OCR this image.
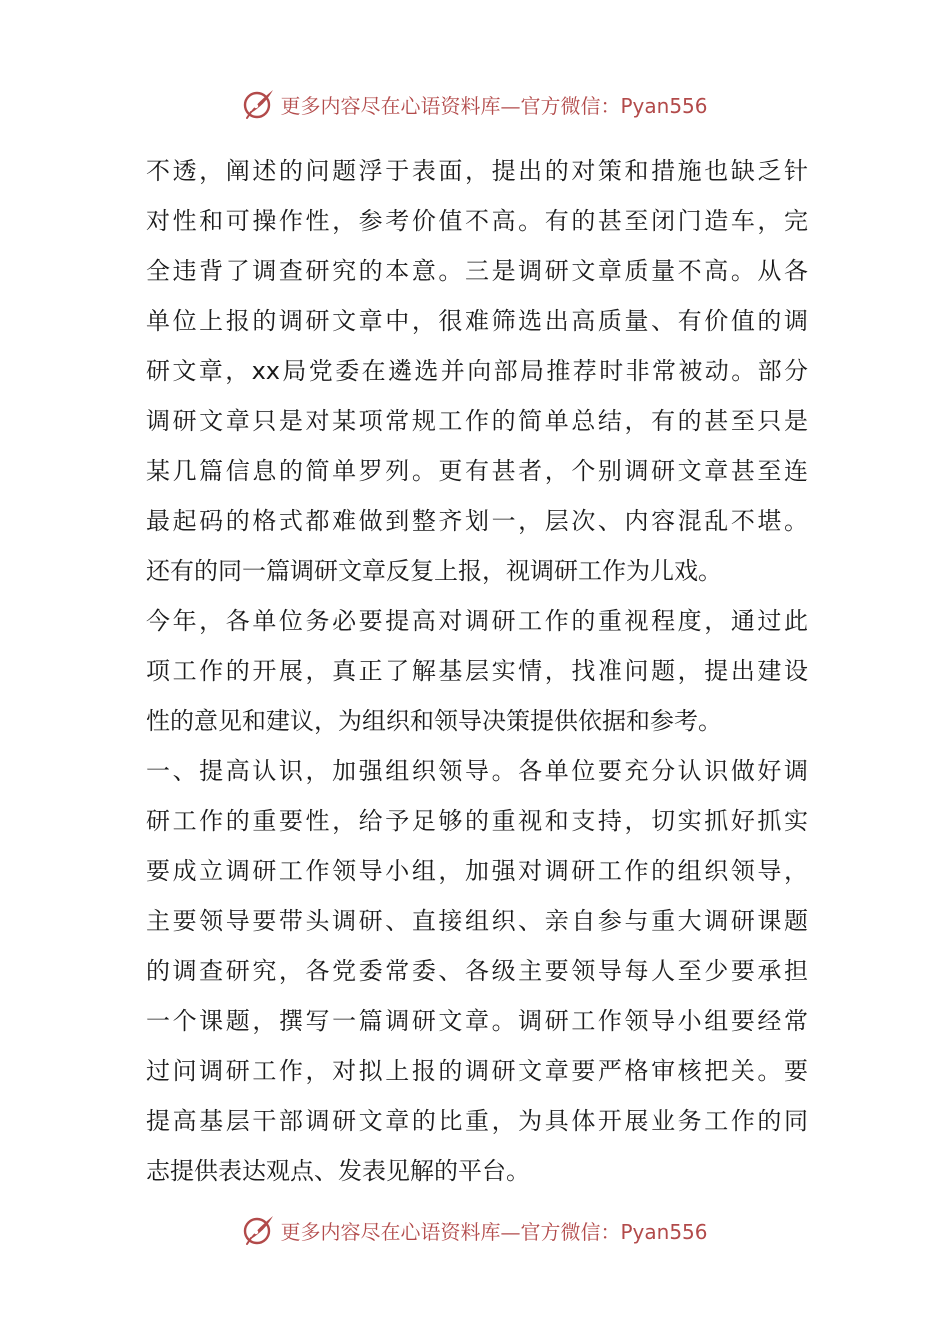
更多内容尽在心语资料库—官方微信：Pyan556
不透，阐述的问题浮于表面，提出的对策和措施也缺乏针
对性和可操作性，参考价值不高。有的甚至闭门造车，完
全违背了调查研究的本意。三是调研文章质量不高。从各
单位上报的调研文章中，很难筛选出高质量、有价值的调
研文章，xx局党委在遴选并向部局推荐时非常被动。部分
调研文章只是对某项常规工作的简单总结，有的甚至只是
某几篇信息的简单罗列。更有甚者，个别调研文章甚至连
最起码的格式都难做到整齐划一，层次、内容混乱不堪。
还有的同一篇调研文章反复上报，视调研工作为儿戏。
今年，各单位务必要提高对调研工作的重视程度，通过此
项工作的开展，真正了解基层实情，找准问题，提出建设
性的意见和建议，为组织和领导决策提供依据和参考。
一、提高认识，加强组织领导。各单位要充分认识做好调
研工作的重要性，给予足够的重视和支持，切实抓好抓实
要成立调研工作领导小组，加强对调研工作的组织领导，
主要领导要带头调研、直接组织、亲自参与重大调研课题
的调查研究，各党委常委、各级主要领导每人至少要承担
一个课题，撰写一篇调研文章。调研工作领导小组要经常
过问调研工作，对拟上报的调研文章要严格审核把关。要
提高基层干部调研文章的比重，为具体开展业务工作的同
志提供表达观点、发表见解的平台。
更多内容尽在心语资料库—官方微信：Pyan556
